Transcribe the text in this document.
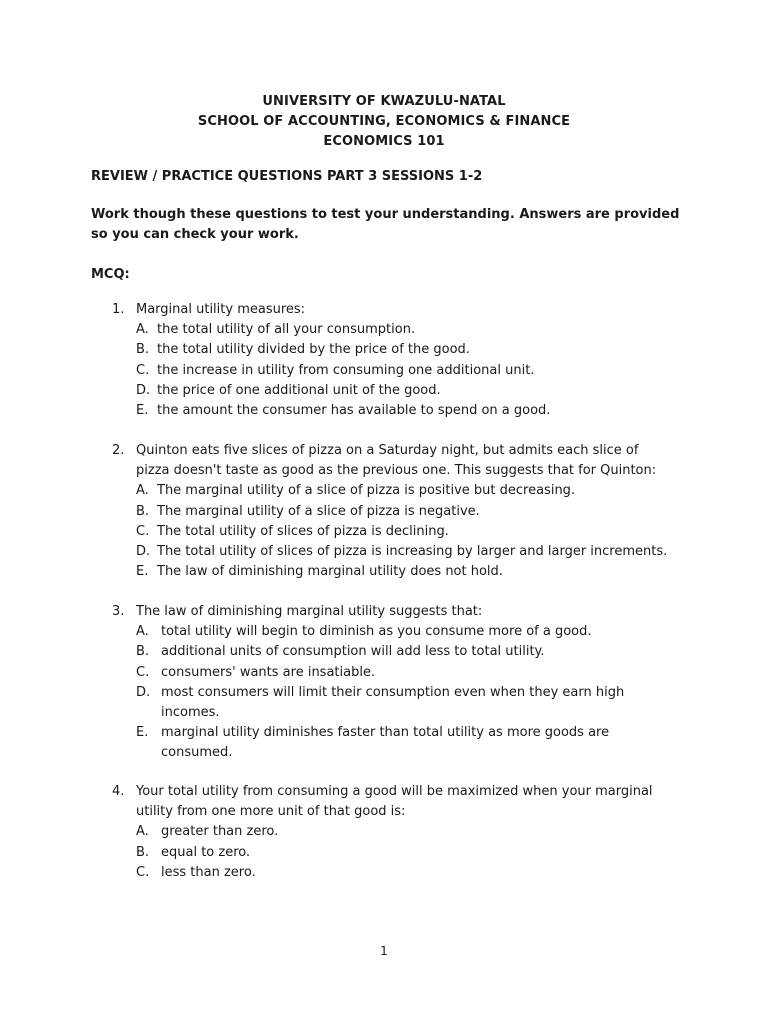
UNIVERSITY OF KWAZULU-NATAL
SCHOOL OF ACCOUNTING, ECONOMICS & FINANCE
ECONOMICS 101
REVIEW / PRACTICE QUESTIONS PART 3 SESSIONS 1-2
Work though these questions to test your understanding. Answers are provided so you can check your work.
MCQ:
1. Marginal utility measures:
A. the total utility of all your consumption.
B. the total utility divided by the price of the good.
C. the increase in utility from consuming one additional unit.
D. the price of one additional unit of the good.
E. the amount the consumer has available to spend on a good.
2. Quinton eats five slices of pizza on a Saturday night, but admits each slice of pizza doesn't taste as good as the previous one. This suggests that for Quinton:
A. The marginal utility of a slice of pizza is positive but decreasing.
B. The marginal utility of a slice of pizza is negative.
C. The total utility of slices of pizza is declining.
D. The total utility of slices of pizza is increasing by larger and larger increments.
E. The law of diminishing marginal utility does not hold.
3. The law of diminishing marginal utility suggests that:
A. total utility will begin to diminish as you consume more of a good.
B. additional units of consumption will add less to total utility.
C. consumers' wants are insatiable.
D. most consumers will limit their consumption even when they earn high incomes.
E. marginal utility diminishes faster than total utility as more goods are consumed.
4. Your total utility from consuming a good will be maximized when your marginal utility from one more unit of that good is:
A. greater than zero.
B. equal to zero.
C. less than zero.
1
